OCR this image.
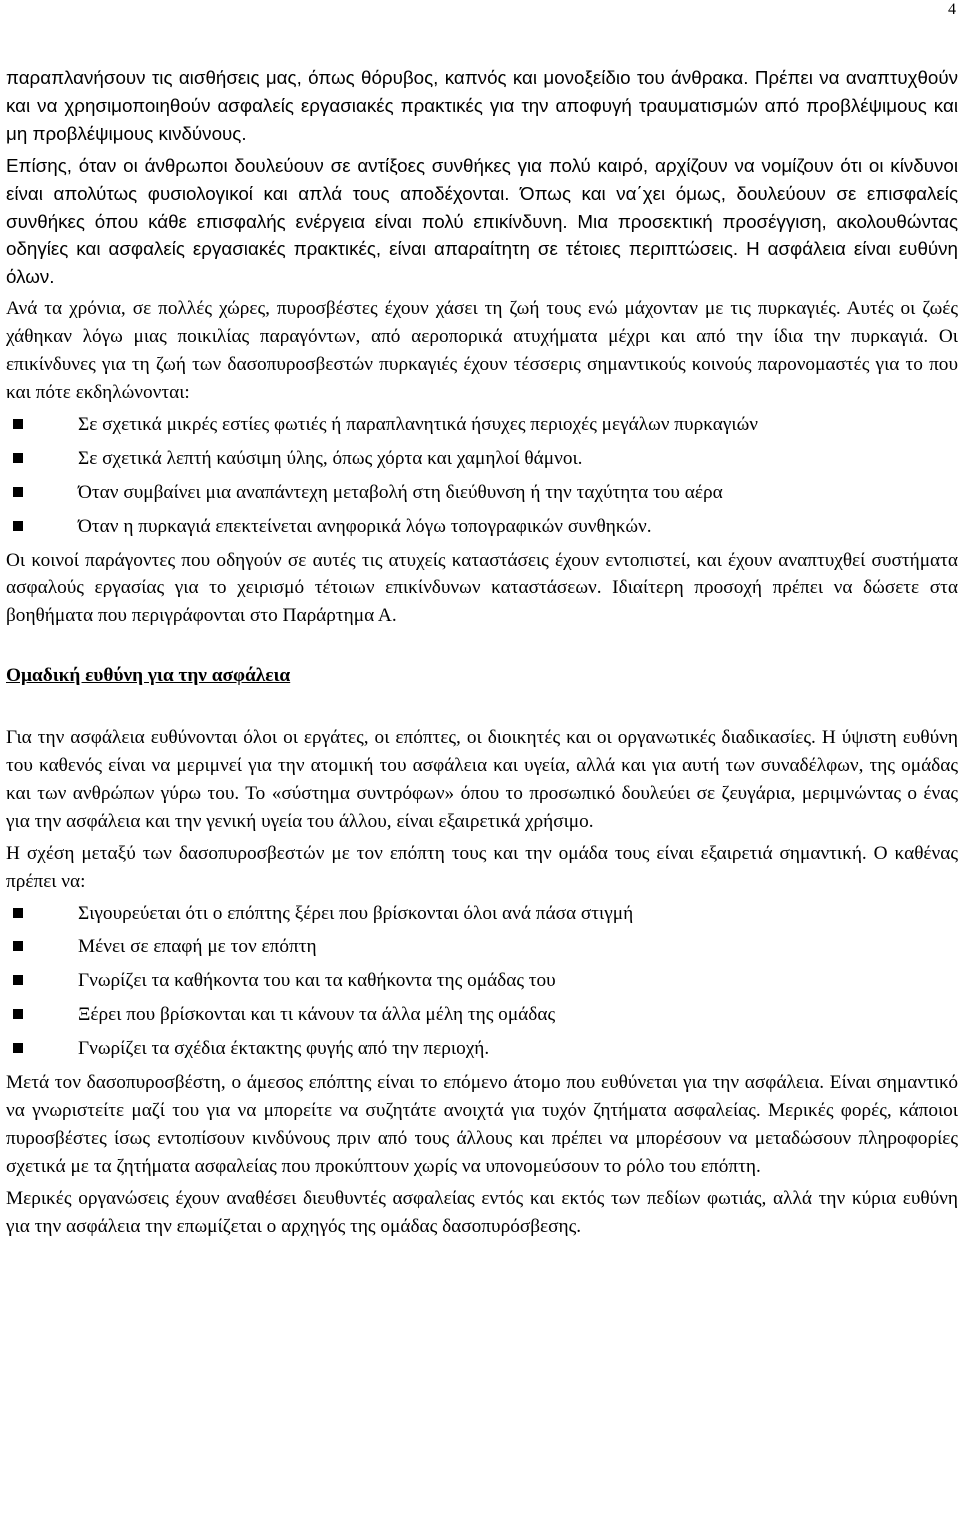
4

παραπλανήσουν τις αισθήσεις μας, όπως θόρυβος, καπνός και μονοξείδιο του άνθρακα. Πρέπει να αναπτυχθούν και να χρησιμοποιηθούν ασφαλείς εργασιακές πρακτικές για την αποφυγή τραυματισμών από προβλέψιμους και μη προβλέψιμους κινδύνους.

Επίσης, όταν οι άνθρωποι δουλεύουν σε αντίξοες συνθήκες για πολύ καιρό, αρχίζουν να νομίζουν ότι οι κίνδυνοι είναι απολύτως φυσιολογικοί και απλά τους αποδέχονται. Όπως και να΄χει όμως, δουλεύουν σε επισφαλείς συνθήκες όπου κάθε επισφαλής ενέργεια είναι πολύ επικίνδυνη. Μια προσεκτική προσέγγιση, ακολουθώντας οδηγίες και ασφαλείς εργασιακές πρακτικές, είναι απαραίτητη σε τέτοιες περιπτώσεις. Η ασφάλεια είναι ευθύνη όλων.

Ανά τα χρόνια, σε πολλές χώρες, πυροσβέστες έχουν χάσει τη ζωή τους ενώ μάχονταν με τις πυρκαγιές. Αυτές οι ζωές χάθηκαν λόγω μιας ποικιλίας παραγόντων, από αεροπορικά ατυχήματα μέχρι και από την ίδια την πυρκαγιά. Οι επικίνδυνες για τη ζωή των δασοπυροσβεστών πυρκαγιές έχουν τέσσερις σημαντικούς κοινούς παρονομαστές για το που και πότε εκδηλώνονται:

Σε σχετικά μικρές εστίες φωτιές ή παραπλανητικά ήσυχες περιοχές μεγάλων πυρκαγιών
Σε σχετικά λεπτή καύσιμη ύλης, όπως χόρτα και χαμηλοί θάμνοι.
Όταν συμβαίνει μια αναπάντεχη μεταβολή στη διεύθυνση ή την ταχύτητα του αέρα
Όταν η πυρκαγιά επεκτείνεται ανηφορικά λόγω τοπογραφικών συνθηκών.

Οι κοινοί παράγοντες που οδηγούν σε αυτές τις ατυχείς καταστάσεις έχουν εντοπιστεί, και έχουν αναπτυχθεί συστήματα ασφαλούς εργασίας για το χειρισμό τέτοιων επικίνδυνων καταστάσεων. Ιδιαίτερη προσοχή πρέπει να δώσετε στα βοηθήματα που περιγράφονται στο Παράρτημα Α.

Ομαδική ευθύνη για την ασφάλεια

Για την ασφάλεια ευθύνονται όλοι οι εργάτες, οι επόπτες, οι διοικητές και οι οργανωτικές διαδικασίες. Η ύψιστη ευθύνη του καθενός είναι να μεριμνεί για την ατομική του ασφάλεια και υγεία, αλλά και για αυτή των συναδέλφων, της ομάδας και των ανθρώπων γύρω του. Το «σύστημα συντρόφων» όπου το προσωπικό δουλεύει σε ζευγάρια, μεριμνώντας ο ένας για την ασφάλεια και την γενική υγεία του άλλου, είναι εξαιρετικά χρήσιμο.

Η σχέση μεταξύ των δασοπυροσβεστών με τον επόπτη τους και την ομάδα τους είναι εξαιρετιά σημαντική. Ο καθένας πρέπει να:

Σιγουρεύεται ότι ο επόπτης ξέρει που βρίσκονται όλοι ανά πάσα στιγμή
Μένει σε επαφή με τον επόπτη
Γνωρίζει τα καθήκοντα του και τα καθήκοντα της ομάδας του
Ξέρει που βρίσκονται και τι κάνουν τα άλλα μέλη της ομάδας
Γνωρίζει τα σχέδια έκτακτης φυγής από την περιοχή.

Μετά τον δασοπυροσβέστη, ο άμεσος επόπτης είναι το επόμενο άτομο που ευθύνεται για την ασφάλεια. Είναι σημαντικό να γνωριστείτε μαζί του για να μπορείτε να συζητάτε ανοιχτά για τυχόν ζητήματα ασφαλείας. Μερικές φορές, κάποιοι πυροσβέστες ίσως εντοπίσουν κινδύνους πριν από τους άλλους και πρέπει να μπορέσουν να μεταδώσουν πληροφορίες σχετικά με τα ζητήματα ασφαλείας που προκύπτουν χωρίς να υπονομεύσουν το ρόλο του επόπτη.

Μερικές οργανώσεις έχουν αναθέσει διευθυντές ασφαλείας εντός και εκτός των πεδίων φωτιάς, αλλά την κύρια ευθύνη για την ασφάλεια την επωμίζεται ο αρχηγός της ομάδας δασοπυρόσβεσης.
